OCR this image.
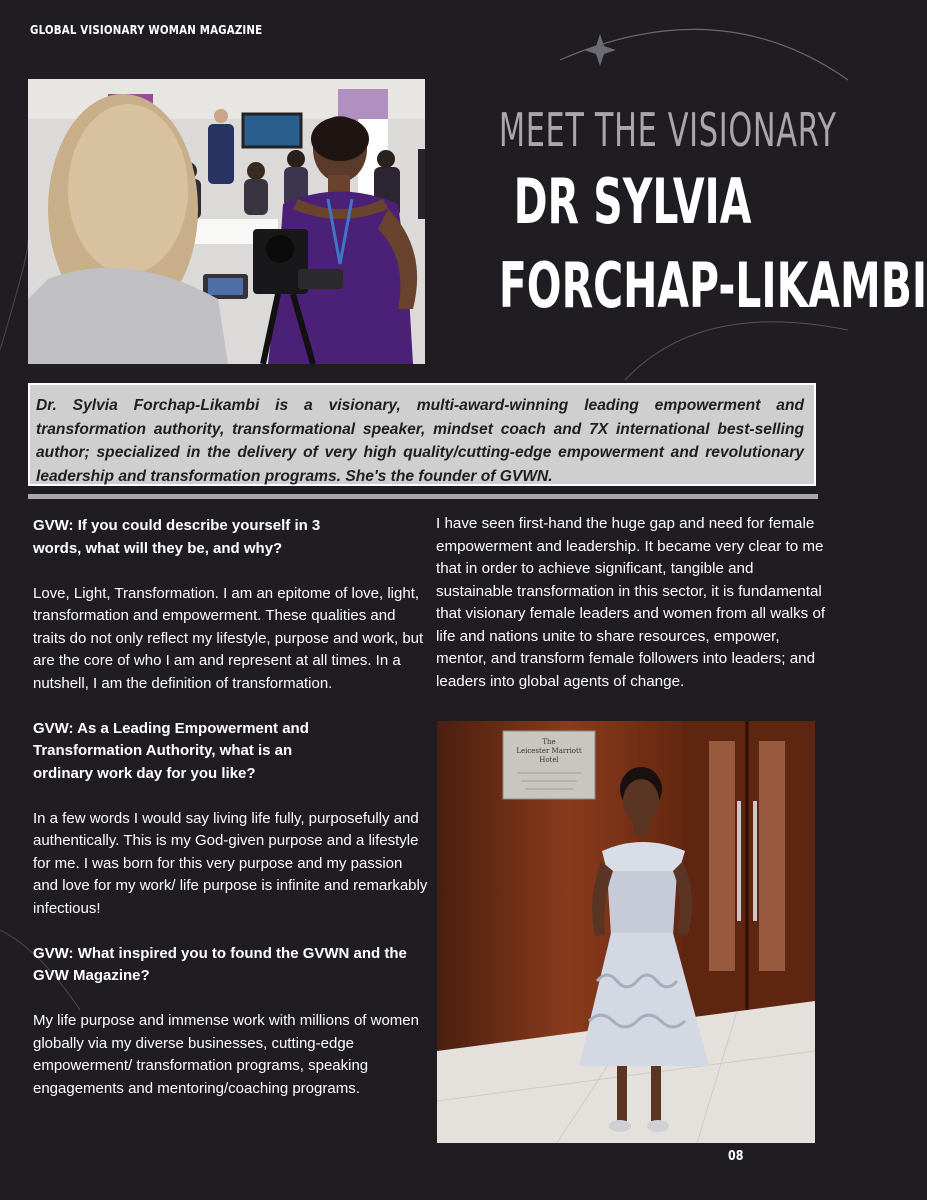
GLOBAL VISIONARY WOMAN MAGAZINE
MEET THE VISIONARY
DR SYLVIA
FORCHAP-LIKAMBI
Dr. Sylvia Forchap-Likambi is a visionary, multi-award-winning leading empowerment and transformation authority, transformational speaker, mindset coach and 7X international best-selling author; specialized in the delivery of very high quality/cutting-edge empowerment and revolutionary leadership and transformation programs. She's the founder of GVWN.

GVW: If you could describe yourself in 3 words, what will they be, and why?

Love, Light, Transformation. I am an epitome of love, light, transformation and empowerment. These qualities and traits do not only reflect my lifestyle, purpose and work, but are the core of who I am and represent at all times. In a nutshell, I am the definition of transformation.

GVW: As a Leading Empowerment and Transformation Authority, what is an ordinary work day for you like?

In a few words I would say living life fully, purposefully and authentically. This is my God-given purpose and a lifestyle for me. I was born for this very purpose and my passion and love for my work/ life purpose is infinite and remarkably infectious!

GVW: What inspired you to found the GVWN and the GVW Magazine?

My life purpose and immense work with millions of women globally via my diverse businesses, cutting-edge empowerment/ transformation programs, speaking engagements and mentoring/coaching programs.

I have seen first-hand the huge gap and need for female empowerment and leadership. It became very clear to me that in order to achieve significant, tangible and sustainable transformation in this sector, it is fundamental that visionary female leaders and women from all walks of life and nations unite to share resources, empower, mentor, and transform female followers into leaders; and leaders into global agents of change.

The
Leicester Marriott
Hotel
08
